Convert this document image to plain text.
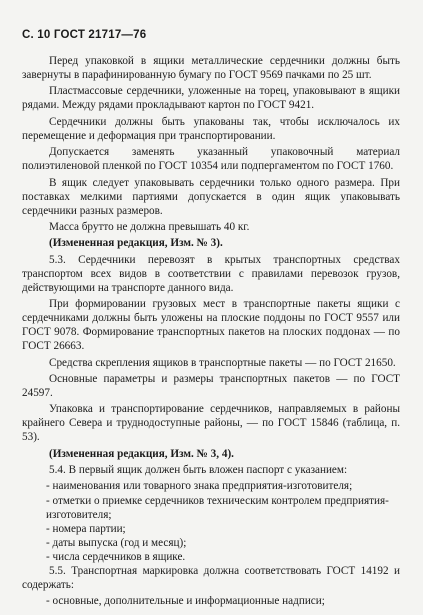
С. 10 ГОСТ 21717—76

Перед упаковкой в ящики металлические сердечники должны быть завернуты в парафинированную бумагу по ГОСТ 9569 пачками по 25 шт.

Пластмассовые сердечники, уложенные на торец, упаковывают в ящики рядами. Между рядами прокладывают картон по ГОСТ 9421.

Сердечники должны быть упакованы так, чтобы исключалось их перемещение и деформация при транспортировании.

Допускается заменять указанный упаковочный материал полиэтиленовой пленкой по ГОСТ 10354 или подпергаментом по ГОСТ 1760.

В ящик следует упаковывать сердечники только одного размера. При поставках мелкими партиями допускается в один ящик упаковывать сердечники разных размеров.

Масса брутто не должна превышать 40 кг.

(Измененная редакция, Изм. № 3).

5.3. Сердечники перевозят в крытых транспортных средствах транспортом всех видов в соответствии с правилами перевозок грузов, действующими на транспорте данного вида.

При формировании грузовых мест в транспортные пакеты ящики с сердечниками должны быть уложены на плоские поддоны по ГОСТ 9557 или ГОСТ 9078. Формирование транспортных пакетов на плоских поддонах — по ГОСТ 26663.

Средства скрепления ящиков в транспортные пакеты — по ГОСТ 21650.

Основные параметры и размеры транспортных пакетов — по ГОСТ 24597.

Упаковка и транспортирование сердечников, направляемых в районы крайнего Севера и труднодоступные районы, — по ГОСТ 15846 (таблица, п. 53).

(Измененная редакция, Изм. № 3, 4).

5.4. В первый ящик должен быть вложен паспорт с указанием:

- наименования или товарного знака предприятия-изготовителя;

- отметки о приемке сердечников техническим контролем предприятия-изготовителя;

- номера партии;

- даты выпуска (год и месяц);

- числа сердечников в ящике.

5.5. Транспортная маркировка должна соответствовать ГОСТ 14192 и содержать:

- основные, дополнительные и информационные надписи;
